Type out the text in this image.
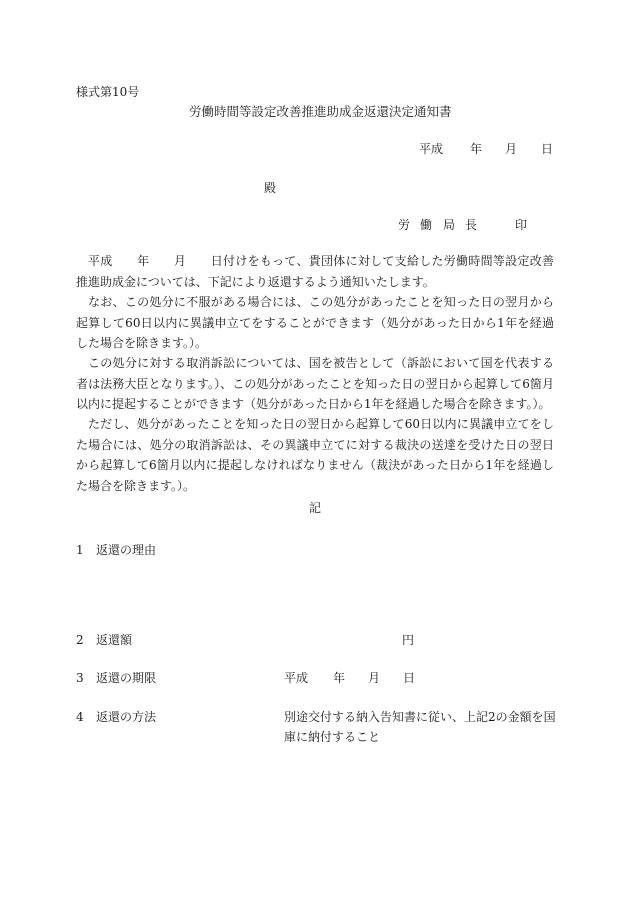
様式第10号
労働時間等設定改善推進助成金返還決定通知書
平成 年 月 日
殿
労 働 局 長	印
平成　　年　　月　　日付けをもって、貴団体に対して支給した労働時間等設定改善推進助成金については、下記により返還するよう通知いたします。
なお、この処分に不服がある場合には、この処分があったことを知った日の翌月から起算して60日以内に異議申立てをすることができます（処分があった日から1年を経過した場合を除きます。）。
この処分に対する取消訴訟については、国を被告として（訴訟において国を代表する者は法務大臣となります。）、この処分があったことを知った日の翌日から起算して6箇月以内に提起することができます（処分があった日から1年を経過した場合を除きます。）。
ただし、処分があったことを知った日の翌日から起算して60日以内に異議申立てをした場合には、処分の取消訴訟は、その異議申立てに対する裁決の送達を受けた日の翌日から起算して6箇月以内に提起しなければなりません（裁決があった日から1年を経過した場合を除きます。）。
記
1 返還の理由
2 返還額	円
3 返還の期限	平成 年 月 日
4 返還の方法	別途交付する納入告知書に従い、上記2の金額を国
庫に納付すること
